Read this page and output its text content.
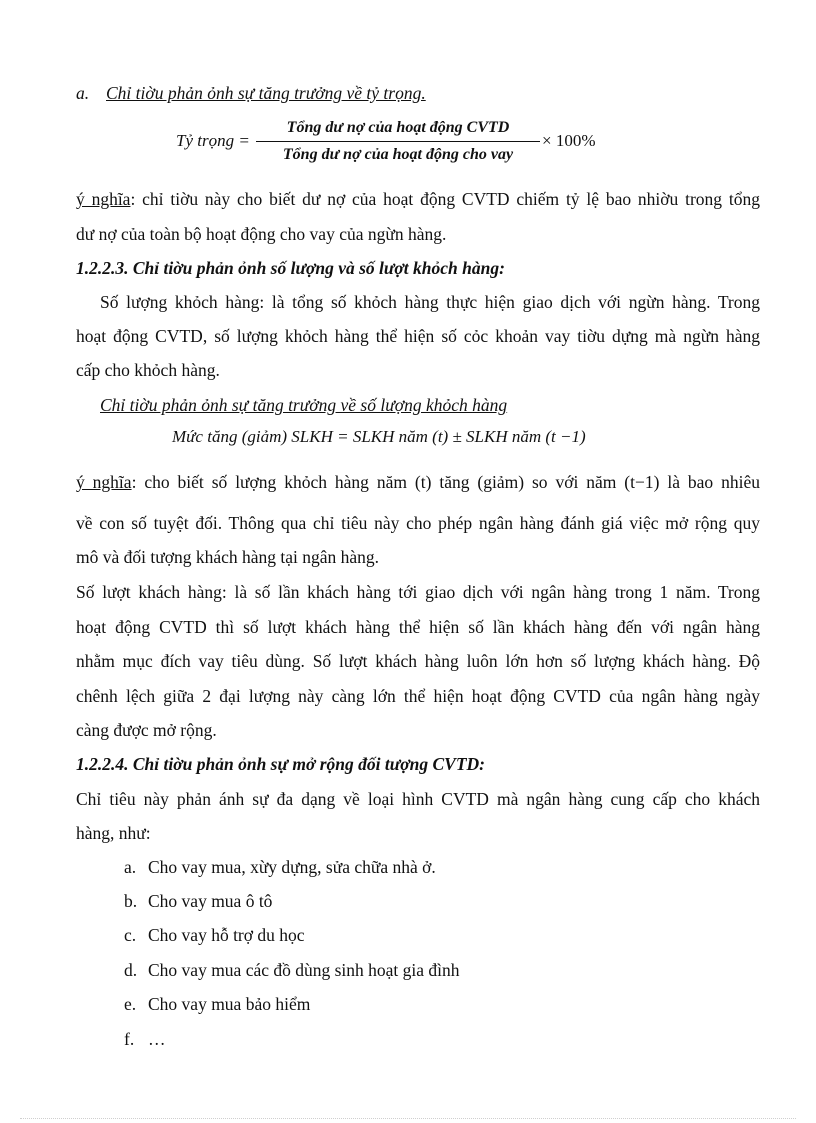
a. Chỉ tiờu phản ỏnh sự tăng trưởng về tỷ trọng.
Tỷ trọng =
Tổng dư nợ của hoạt động CVTD
Tổng dư nợ của hoạt động cho vay
× 100%
ý nghĩa: chỉ tiờu này cho biết dư nợ của hoạt động CVTD chiếm tỷ lệ bao nhiờu trong tổng
dư nợ của toàn bộ hoạt động cho vay của ngừn hàng.
1.2.2.3. Chỉ tiờu phản ỏnh số lượng và số lượt khỏch hàng:
Số lượng khỏch hàng: là tổng số khỏch hàng thực hiện giao dịch với ngừn hàng. Trong
hoạt động CVTD, số lượng khỏch hàng thể hiện số cỏc khoản vay tiờu dựng mà ngừn hàng
cấp cho khỏch hàng.
Chỉ tiờu phản ỏnh sự tăng trưởng về số lượng khỏch hàng
Mức tăng (giảm) SLKH = SLKH năm (t) ± SLKH năm (t −1)
ý nghĩa: cho biết số lượng khỏch hàng năm (t) tăng (giảm) so với năm (t−1) là bao nhiêu
về con số tuyệt đối. Thông qua chỉ tiêu này cho phép ngân hàng đánh giá việc mở rộng quy
mô và đối tượng khách hàng tại ngân hàng.
Số lượt khách hàng: là số lần khách hàng tới giao dịch với ngân hàng trong 1 năm. Trong
hoạt động CVTD thì số lượt khách hàng thể hiện số lần khách hàng đến với ngân hàng
nhằm mục đích vay tiêu dùng. Số lượt khách hàng luôn lớn hơn số lượng khách hàng. Độ
chênh lệch giữa 2 đại lượng này càng lớn thể hiện hoạt động CVTD của ngân hàng ngày
càng được mở rộng.
1.2.2.4. Chỉ tiờu phản ỏnh sự mở rộng đối tượng CVTD:
Chỉ tiêu này phản ánh sự đa dạng về loại hình CVTD mà ngân hàng cung cấp cho khách
hàng, như:
a. Cho vay mua, xừy dựng, sửa chữa nhà ở.
b. Cho vay mua ô tô
c. Cho vay hỗ trợ du học
d. Cho vay mua các đồ dùng sinh hoạt gia đình
e. Cho vay mua bảo hiểm
f. …
